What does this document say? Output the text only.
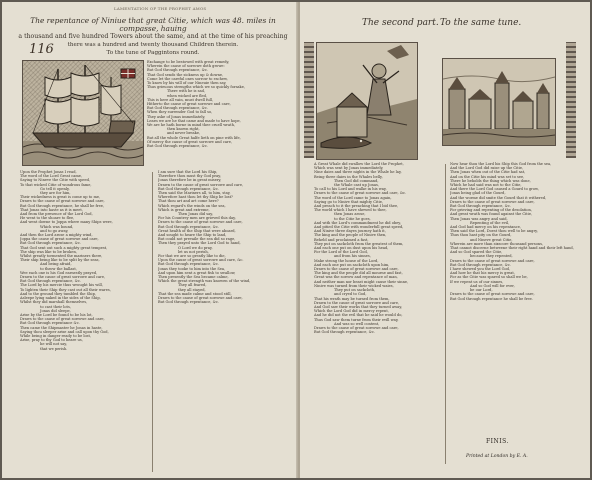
LAMENTATION OF THE PROPHET AMOS
The repentance of Niniue that great Citie, which was 48. miles in compasse, hauing
a thousand and five hundred Towers about the same, and at the time of his preaching
there was a hundred and twenty thousand Children therein.
To the tune of Paggintons round.
116
Exchange to be bestowed with great remedy,
Wherein the cause of sorrowe doth growe:
But God through repentance, &c.
That God sends the sickness up & downe,
Come let the careful ones sorrow to eschew,
To know by his will of our Nineuie then say,
Thus grieuous strengths which we so quickly forsake,
There with he is sad,
when wicked are fled,
This is here all vain, must dwell full,
Hitherto the cause of great sorrowe and care,
But God through repentance, &c.
When they surrender God to fall so,
They aske of Jonas immediately,
Learn we are he that came and made to have hope,
We are he hath borne in mind thee cruell wrath,
then known right,
and never breake,
But all the whole Great halfe lieth on pine with life,
Of mercy the cause of great sorrowe and care,
But God through repentance, &c.
Upon the Prophet Jonas I read,
The word of the Lord Great came,
Saying to Nineve the Citie with speed,
To that wicked Citie of wondrous fame,
Go tell it openly,
they are for him,
Their wickedness is great is come up to me,
Draws to the cause of great sorrowe and care,
But God through repentance, he shall be free,
That Jonas into haste as it is meet,
And from the presence of the Lord God,
He went to the shoare to flee,
And went downe to Joppa where many Ships were,
Which was bound,
and to go away,
And then the Lord arose a mighty wind,
Joppa the cause of great sorrowe and care,
But God through repentance, &c.
That God sent out such a mighty great tempest,
The ship was like to be broken,
Whilst greatly tormented the mariners there,
Their ship being like to be split by the seas,
And being afraid,
to throw the ballast,
Wee each one is his God earnestly prayed,
Drawn to the cause of great sorrowe and care,
But God through repentance, &c.
The Lord by his mercie thus wrought his will,
To lighten their Ship they cast out all their wares,
And to the ground they tumbled the Ship,
Asleepe lying naked in the sides of the Ship,
Whilst they did marshall themselves,
to cast their lots,
Jonas did sleepe,
Arise by the Lord be found to be his lot,
Draws to the cause of great sorrowe and care,
But God through repentance &c.
Then came the Shipmaster he Jonas in haste,
Saying thou sleeper arise and call upon thy God,
While being in danger ready to be lost,
Arise, pray to thy God to heare us,
he will not say,
that we perish.
I am sure that the Lord his Ship,
Therefore thou must thy God pray,
Jonas therefore be in great misery,
Drawn to the cause of great sorrowe and care,
But God through repentance, &c.
Then said the Mariners all, to him, stay,
Wherefore hast thou let thy Ship be lost?
That thou art and art come here?
Which regard's the winds on the sea,
Which is great and extreme,
Then Jonas did say,
For his Countrey men are grieved this day,
Draws to the cause of great sorrowe and care,
But God through repentance, &c.
Great health of the Ship that were aboard,
And sought to heare the Ship to land,
But could not prevaile the sea did so rage,
Then they prayed unto the Lord God to hand,
O Lord we do pray,
let us not perish,
For that we are so greatly like to die,
Upon the cause of great sorrowe and care, &c.
But God through repentance, &c.
Jonas they tooke to him into the Sea,
And upon him sent a great fish to swallow,
Then presently the Sea became calme,
Which the great strength was knowen of the wind,
They all feared,
they all stayed,
That the sea made calme and stood still,
Draws to the cause of great sorrowe and care,
But God through repentance, &c.
The second part. To the same tune.
A Great Whale did swallow the Lord the Prophet,
Which was sent by Jonas immediately,
Nine daies and three nights in the Whale he lay,
Being three daies in the Whales belly,
Then God did command,
the Whale cast up Jonas,
To call to his Lord and walke in his way,
Draws to the cause of great sorrowe and care, &c.
The word of the Lord came to Jonas again,
Saying go to Ninive that mighty Citie,
And preach to it the preaching that I bid thee,
The world which I have shewed to thee,
then Jonas arose,
to the Citie he goes,
And with the Lord's commandment he did obey,
And pitied the Citie with wonderfull great speed,
And Ninive three dayes journey hath it,
The king and the people of Ninive then,
Beheld and proclaimed a fast,
They put on sackcloth from the greatest of them,
And each one put on dust upon his head,
For the Lord of the Lord God,
and from his sinnes,
Make strong the house of the Lord,
And each one put on sackcloth upon him,
Draws to the cause of great sorrowe and care,
The king and the people did all mourne and fast,
Great was the sorrow and repentance of man,
And neither man nor beast might cause their sinne,
Ninive was turned from their wicked waies,
They put on sackcloth,
and cryed to God,
That his wrath may be turned from them,
Drawn to the cause of great sorrowe and care,
And God saw their works that they turned away,
Which the Lord God did in mercy repent,
And he did not the evil that he said he would do,
Thus God saw them turne from their evill way,
And was so well content,
Draws to the cause of great sorrowe and care,
But God through repentance, &c.
Now hear thou the Lord his Ship this God from the sea,
And the Lord God did raise up the Citie,
Then Jonas when out of the Citie had sat,
And on the Citie his mind was set to see,
There he beholds the thing which was done,
Which he had said was not to the Citie,
And there the Lord God caused a Gourd to grow,
Jonas being glad of the Gourd,
And the worme did smite the Gourd that it withered,
Draws to the cause of great sorrowe and care,
But God through repentance, &c.
For grieving and repenting of the desolation,
And great wrath was found against the Citie,
Then Jonas was angry and said,
Repenting of the evil,
And God had mercy on his repentance,
Then said the Lord, Doest thou well to be angry,
Thus thou hast pity on the Gourd,
and Nineve great Citie,
Wherein are more than sixscore thousand persons,
That cannot discerne betweene their right hand and their left hand,
And so God spared the Citie,
because they repented,
Draws to the cause of great sorrowe and care,
But God through repentance, &c.
I have shewed you the Lord God,
And how he that his mercy is great,
For as the Citie was spared so shall we be,
If we repent us of our sinnes,
And so God will for ever,
be our Lord,
Draws to the cause of great sorrowe and care,
But God through repentance he shall be free.
FINIS.
Printed at London by E. A.
